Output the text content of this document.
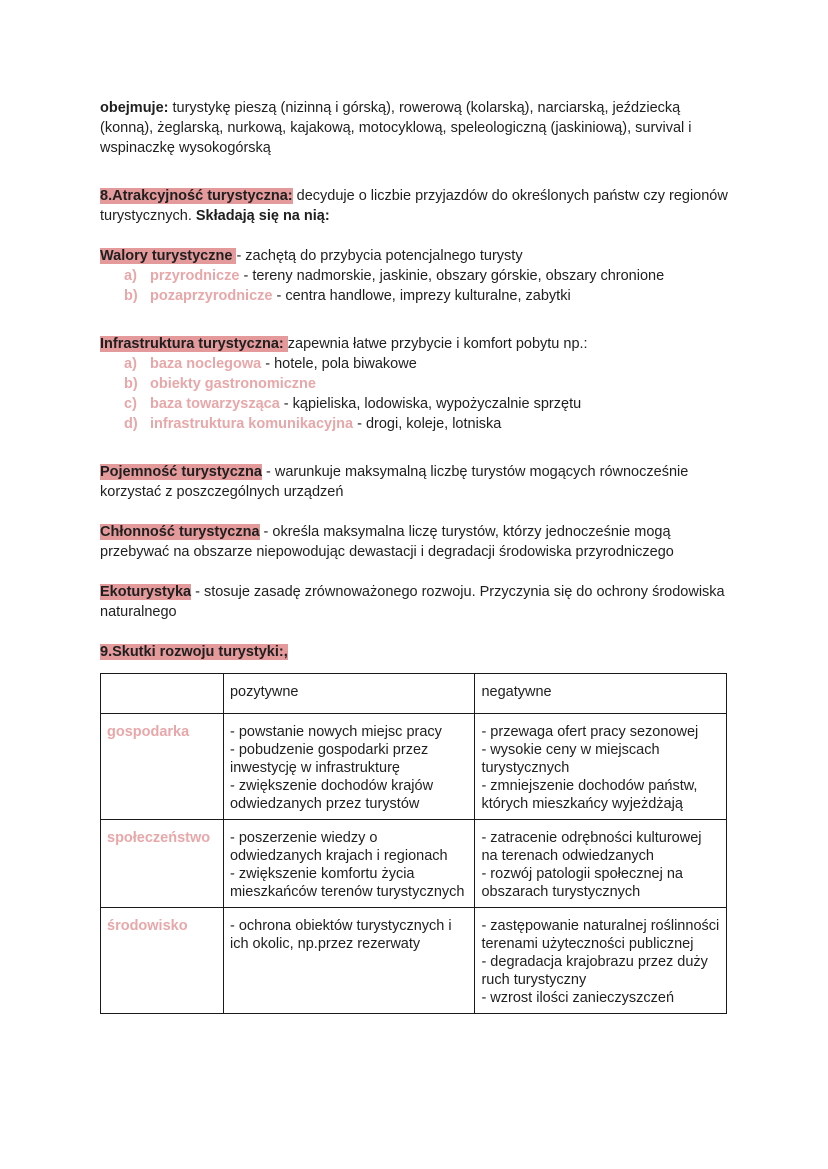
obejmuje: turystykę pieszą (nizinną i górską), rowerową (kolarską), narciarską, jeździecką (konną), żeglarską, nurkową, kajakową, motocyklową, speleologiczną (jaskiniową), survival i wspinaczkę wysokogórską

8.Atrakcyjność turystyczna: decyduje o liczbie przyjazdów do określonych państw czy regionów turystycznych. Składają się na nią:

Walory turystyczne - zachętą do przybycia potencjalnego turysty

a) przyrodnicze - tereny nadmorskie, jaskinie, obszary górskie, obszary chronione
b) pozaprzyrodnicze - centra handlowe, imprezy kulturalne, zabytki

Infrastruktura turystyczna: zapewnia łatwe przybycie i komfort pobytu np.:

a) baza noclegowa - hotele, pola biwakowe
b) obiekty gastronomiczne
c) baza towarzysząca - kąpieliska, lodowiska, wypożyczalnie sprzętu
d) infrastruktura komunikacyjna - drogi, koleje, lotniska

Pojemność turystyczna - warunkuje maksymalną liczbę turystów mogących równocześnie korzystać z poszczególnych urządzeń

Chłonność turystyczna - określa maksymalna liczę turystów, którzy jednocześnie mogą przebywać na obszarze niepowodując dewastacji i degradacji środowiska przyrodniczego

Ekoturystyka - stosuje zasadę zrównoważonego rozwoju. Przyczynia się do ochrony środowiska naturalnego

9.Skutki rozwoju turystyki:,

	pozytywne	negatywne
gospodarka	- powstanie nowych miejsc pracy
- pobudzenie gospodarki przez inwestycję w infrastrukturę
- zwiększenie dochodów krajów odwiedzanych przez turystów	- przewaga ofert pracy sezonowej
- wysokie ceny w miejscach turystycznych
- zmniejszenie dochodów państw, których mieszkańcy wyjeżdżają

społeczeństwo	- poszerzenie wiedzy o odwiedzanych krajach i regionach
- zwiększenie komfortu życia mieszkańców terenów turystycznych	- zatracenie odrębności kulturowej na terenach odwiedzanych
- rozwój patologii społecznej na obszarach turystycznych

środowisko	- ochrona obiektów turystycznych i ich okolic, np.przez rezerwaty	- zastępowanie naturalnej roślinności terenami użyteczności publicznej
- degradacja krajobrazu przez duży ruch turystyczny
- wzrost ilości zanieczyszczeń
